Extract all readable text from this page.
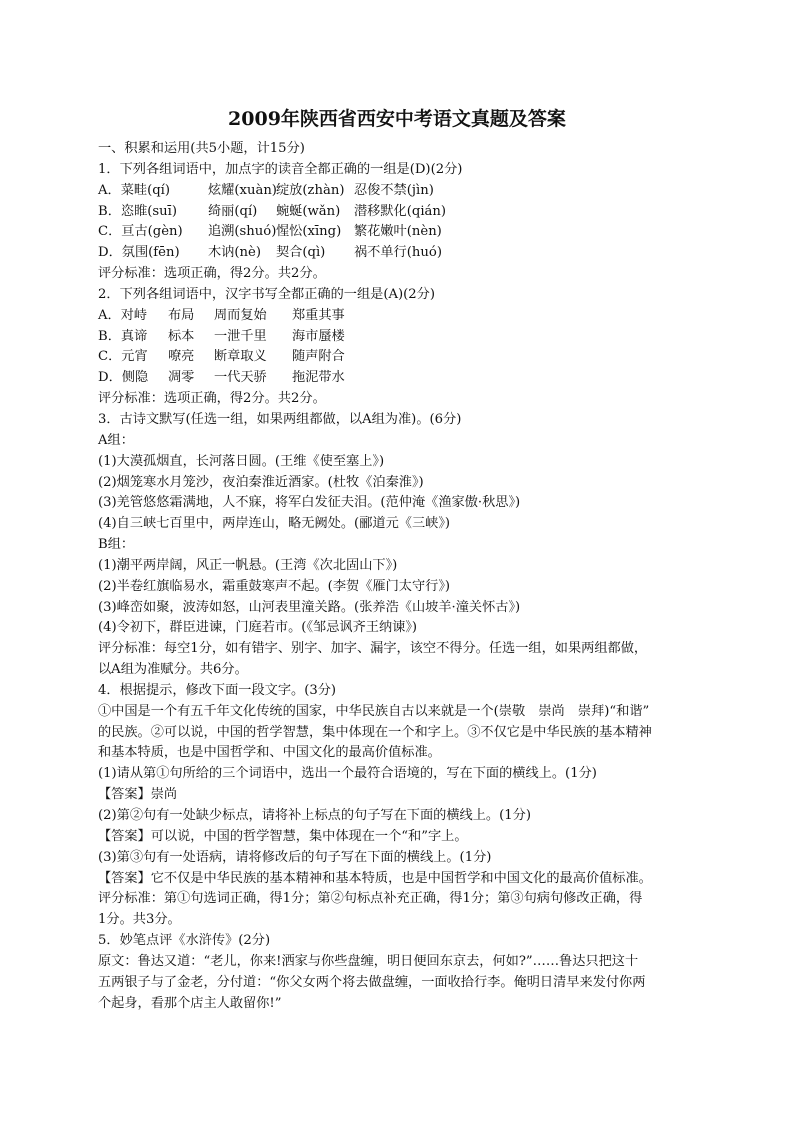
2009年陕西省西安中考语文真题及答案
一、积累和运用(共5小题，计15分)
1．下列各组词语中，加点字的读音全都正确的一组是(D)(2分)
A．菜畦(qí)	炫耀(xuàn)绽放(zhàn) 忍俊不禁(jìn)
B．恣睢(suī) 绮丽(qí) 蜿蜒(wǎn) 潜移默化(qián)
C．亘古(gèn) 追溯(shuó)惺忪(xīng) 繁花嫩叶(nèn)
D．氛围(fēn) 木讷(nè) 契合(qì) 祸不单行(huó)
评分标准：选项正确，得2分。共2分。
2．下列各组词语中，汉字书写全都正确的一组是(A)(2分)
A．对峙 布局 周而复始 郑重其事
B．真谛 标本 一泄千里 海市蜃楼
C．元宵 嘹亮 断章取义 随声附合
D．侧隐 凋零 一代天骄 拖泥带水
评分标准：选项正确，得2分。共2分。
3．古诗文默写(任选一组，如果两组都做，以A组为准)。(6分)
A组：
(1)大漠孤烟直，长河落日圆。(王维《使至塞上》)
(2)烟笼寒水月笼沙，夜泊秦淮近酒家。(杜牧《泊秦淮》)
(3)羌管悠悠霜满地，人不寐，将军白发征夫泪。(范仲淹《渔家傲·秋思》)
(4)自三峡七百里中，两岸连山，略无阙处。(郦道元《三峡》)
B组：
(1)潮平两岸阔，风正一帆悬。(王湾《次北固山下》)
(2)半卷红旗临易水，霜重鼓寒声不起。(李贺《雁门太守行》)
(3)峰峦如聚，波涛如怒，山河表里潼关路。(张养浩《山坡羊·潼关怀古》)
(4)令初下，群臣进谏，门庭若市。(《邹忌讽齐王纳谏》)
评分标准：每空1分，如有错字、别字、加字、漏字，该空不得分。任选一组，如果两组都做，
以A组为准赋分。共6分。
4．根据提示，修改下面一段文字。(3分)
①中国是一个有五千年文化传统的国家，中华民族自古以来就是一个(崇敬　崇尚　崇拜)“和谐”
的民族。②可以说，中国的哲学智慧，集中体现在一个和字上。③不仅它是中华民族的基本精神
和基本特质，也是中国哲学和、中国文化的最高价值标准。
(1)请从第①句所给的三个词语中，选出一个最符合语境的，写在下面的横线上。(1分)
【答案】崇尚
(2)第②句有一处缺少标点，请将补上标点的句子写在下面的横线上。(1分)
【答案】可以说，中国的哲学智慧，集中体现在一个“和”字上。
(3)第③句有一处语病，请将修改后的句子写在下面的横线上。(1分)
【答案】它不仅是中华民族的基本精神和基本特质，也是中国哲学和中国文化的最高价值标准。
评分标准：第①句选词正确，得1分；第②句标点补充正确，得1分；第③句病句修改正确，得
1分。共3分。
5．妙笔点评《水浒传》(2分)
原文：鲁达又道：“老儿，你来!洒家与你些盘缠，明日便回东京去，何如?”……鲁达只把这十
五两银子与了金老，分付道：“你父女两个将去做盘缠，一面收拾行李。俺明日清早来发付你两
个起身，看那个店主人敢留你!”
